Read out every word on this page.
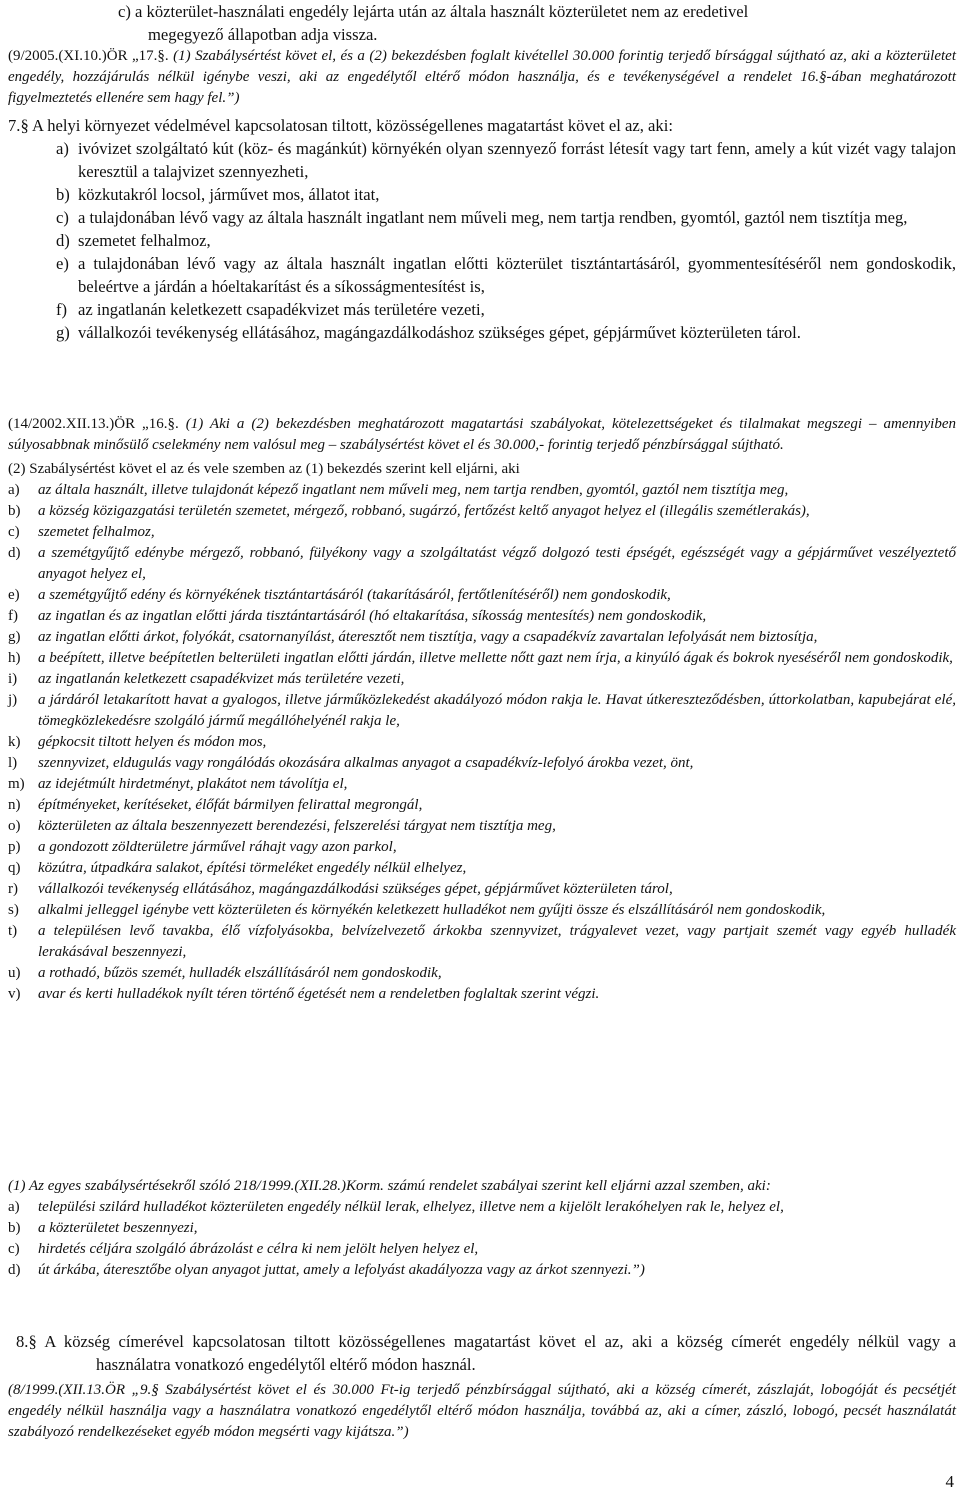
c) a közterület-használati engedély lejárta után az általa használt közterületet nem az eredetivel

megegyező állapotban adja vissza.

(9/2005.(XI.10.)ÖR „17.§. (1) Szabálysértést követ el, és a (2) bekezdésben foglalt kivétellel 30.000 forintig terjedő bírsággal sújtható az, aki a közterületet engedély, hozzájárulás nélkül igénybe veszi, aki az engedélytől eltérő módon használja, és e tevékenységével a rendelet 16.§-ában meghatározott figyelmeztetés ellenére sem hagy fel.”)

7.§ A helyi környezet védelmével kapcsolatosan tiltott, közösségellenes magatartást követ el az, aki:

a) ivóvizet szolgáltató kút (köz- és magánkút) környékén olyan szennyező forrást létesít vagy tart fenn, amely a kút vizét vagy talajon keresztül a talajvizet szennyezheti,
b) közkutakról locsol, járművet mos, állatot itat,
c) a tulajdonában lévő vagy az általa használt ingatlant nem műveli meg, nem tartja rendben, gyomtól, gaztól nem tisztítja meg,
d) szemetet felhalmoz,
e) a tulajdonában lévő vagy az általa használt ingatlan előtti közterület tisztántartásáról, gyommentesítéséről nem gondoskodik, beleértve a járdán a hóeltakarítást és a síkosságmentesítést is,
f) az ingatlanán keletkezett csapadékvizet más területére vezeti,
g) vállalkozói tevékenység ellátásához, magángazdálkodáshoz szükséges gépet, gépjárművet közterületen tárol.

(14/2002.XII.13.)ÖR „16.§. (1) Aki a (2) bekezdésben meghatározott magatartási szabályokat, kötelezettségeket és tilalmakat megszegi – amennyiben súlyosabbnak minősülő cselekmény nem valósul meg – szabálysértést követ el és 30.000,- forintig terjedő pénzbírsággal sújtható.

(2) Szabálysértést követ el az és vele szemben az (1) bekezdés szerint kell eljárni, aki

a)	az általa használt, illetve tulajdonát képező ingatlant nem műveli meg, nem tartja rendben, gyomtól, gaztól nem tisztítja meg,
b)	a község közigazgatási területén szemetet, mérgező, robbanó, sugárzó, fertőzést keltő anyagot helyez el (illegális szemétlerakás),
c)	szemetet felhalmoz,
d)	a szemétgyűjtő edénybe mérgező, robbanó, fülyékony vagy a szolgáltatást végző dolgozó testi épségét, egészségét vagy a gépjárművet veszélyeztető anyagot helyez el,
e)	a szemétgyűjtő edény és környékének tisztántartásáról (takarításáról, fertőtlenítéséről) nem gondoskodik,
f)	az ingatlan és az ingatlan előtti járda tisztántartásáról (hó eltakarítása, síkosság mentesítés) nem gondoskodik,
g)	az ingatlan előtti árkot, folyókát, csatornanyílást, áteresztőt nem tisztítja, vagy a csapadékvíz zavartalan lefolyását nem biztosítja,
h)	a beépített, illetve beépítetlen belterületi ingatlan előtti járdán, illetve mellette nőtt gazt nem írja, a kinyúló ágak és bokrok nyeséséről nem gondoskodik,
i)	az ingatlanán keletkezett csapadékvizet más területére vezeti,
j)	a járdáról letakarított havat a gyalogos, illetve járműközlekedést akadályozó módon rakja le. Havat útkereszteződésben, úttorkolatban, kapubejárat elé, tömegközlekedésre szolgáló jármű megállóhelyénél rakja le,
k)	gépkocsit tiltott helyen és módon mos,
l)	szennyvizet, eldugulás vagy rongálódás okozására alkalmas anyagot a csapadékvíz-lefolyó árokba vezet, önt,
m) az idejétmúlt hirdetményt, plakátot nem távolítja el,
n)	építményeket, kerítéseket, élőfát bármilyen felirattal megrongál,
o)	közterületen az általa beszennyezett berendezési, felszerelési tárgyat nem tisztítja meg,
p)	a gondozott zöldterületre járművel ráhajt vagy azon parkol,
q)	közútra, útpadkára salakot, építési törmeléket engedély nélkül elhelyez,
r)	vállalkozói tevékenység ellátásához, magángazdálkodási szükséges gépet, gépjárművet közterületen tárol,
s)	alkalmi jelleggel igénybe vett közterületen és környékén keletkezett hulladékot nem gyűjti össze és elszállításáról nem gondoskodik,
t)	a településen levő tavakba, élő vízfolyásokba, belvízelvezető árkokba szennyvizet, trágyalevet vezet, vagy partjait szemét vagy egyéb hulladék lerakásával beszennyezi,
u)	a rothadó, bűzös szemét, hulladék elszállításáról nem gondoskodik,
v)	avar és kerti hulladékok nyílt téren történő égetését nem a rendeletben foglaltak szerint végzi.

(1) Az egyes szabálysértésekről szóló 218/1999.(XII.28.)Korm. számú rendelet szabályai szerint kell eljárni azzal szemben, aki:

a)	települési szilárd hulladékot közterületen engedély nélkül lerak, elhelyez, illetve nem a kijelölt lerakóhelyen rak le, helyez el,
b)	a közterületet beszennyezi,
c)	hirdetés céljára szolgáló ábrázolást e célra ki nem jelölt helyen helyez el,
d)	út árkába, áteresztőbe olyan anyagot juttat, amely a lefolyást akadályozza vagy az árkot szennyezi.”)

8.§ A község címerével kapcsolatosan tiltott közösségellenes magatartást követ el az, aki a község címerét engedély nélkül vagy a használatra vonatkozó engedélytől eltérő módon használ.

(8/1999.(XII.13.ÖR „9.§ Szabálysértést követ el és 30.000 Ft-ig terjedő pénzbírsággal sújtható, aki a község címerét, zászlaját, lobogóját és pecsétjét engedély nélkül használja vagy a használatra vonatkozó engedélytől eltérő módon használja, továbbá az, aki a címer, zászló, lobogó, pecsét használatát szabályozó rendelkezéseket egyéb módon megsérti vagy kijátsza.”)

4
